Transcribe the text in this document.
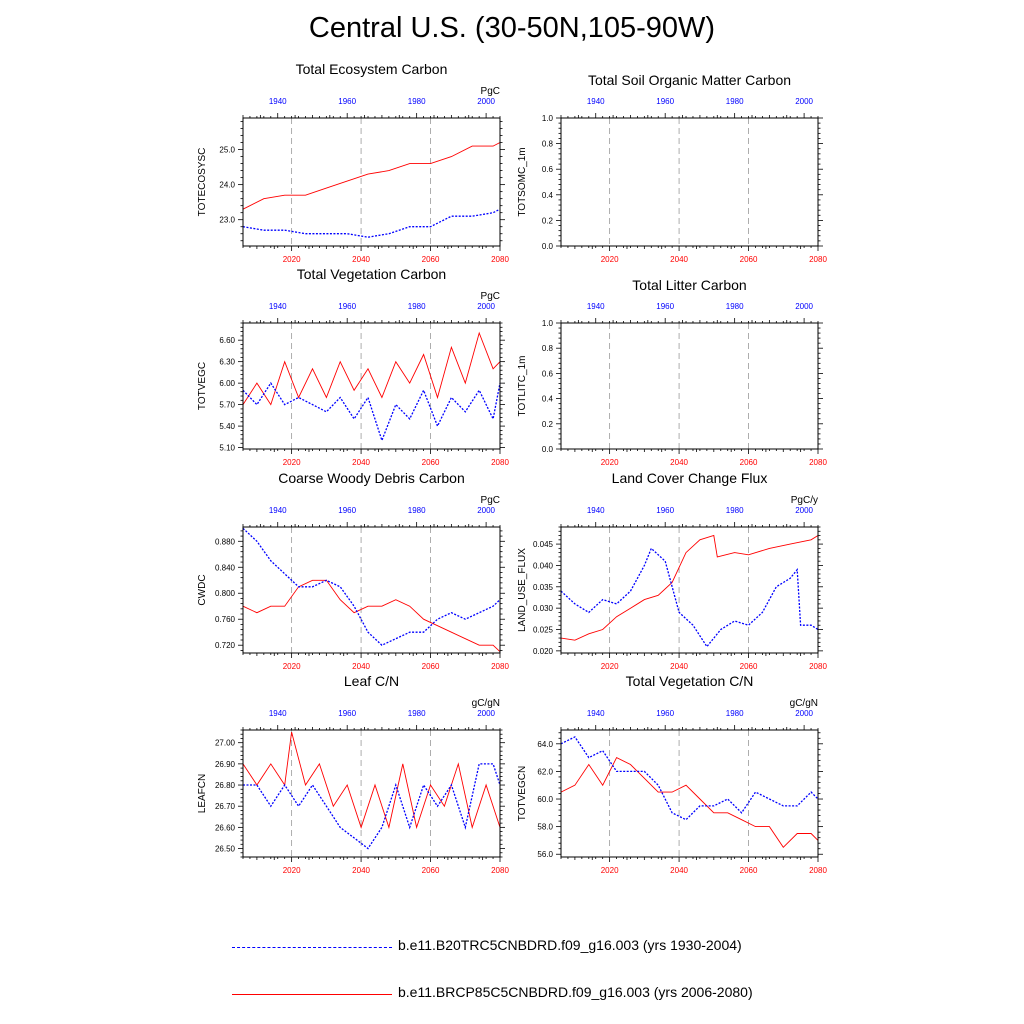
Central U.S. (30-50N,105-90W)
2020	2040	2060	2080
1940	1960	1980	2000
23.0
24.0
25.0
Total Ecosystem Carbon
PgC
TOTECOSYSC
2020	2040	2060	2080
1940	1960	1980	2000
0.0
0.2
0.4
0.6
0.8
1.0
Total Soil Organic Matter Carbon
TOTSOMC_1m
2020	2040	2060	2080
1940	1960	1980	2000
5.10
5.40
5.70
6.00
6.30
6.60
Total Vegetation Carbon
PgC
TOTVEGC
2020	2040	2060	2080
1940	1960	1980	2000
0.0
0.2
0.4
0.6
0.8
1.0
Total Litter Carbon
TOTLITC_1m
2020	2040	2060	2080
1940	1960	1980	2000
0.720
0.760
0.800
0.840
0.880
Coarse Woody Debris Carbon
PgC
CWDC
2020	2040	2060	2080
1940	1960	1980	2000
0.020
0.025
0.030
0.035
0.040
0.045
Land Cover Change Flux
PgC/y
LAND_USE_FLUX
2020	2040	2060	2080
1940	1960	1980	2000
26.50
26.60
26.70
26.80
26.90
27.00
Leaf C/N
gC/gN
LEAFCN
2020	2040	2060	2080
1940	1960	1980	2000
56.0
58.0
60.0
62.0
64.0
Total Vegetation C/N
gC/gN
TOTVEGCN
b.e11.B20TRC5CNBDRD.f09_g16.003 (yrs 1930-2004)
b.e11.BRCP85C5CNBDRD.f09_g16.003 (yrs 2006-2080)
